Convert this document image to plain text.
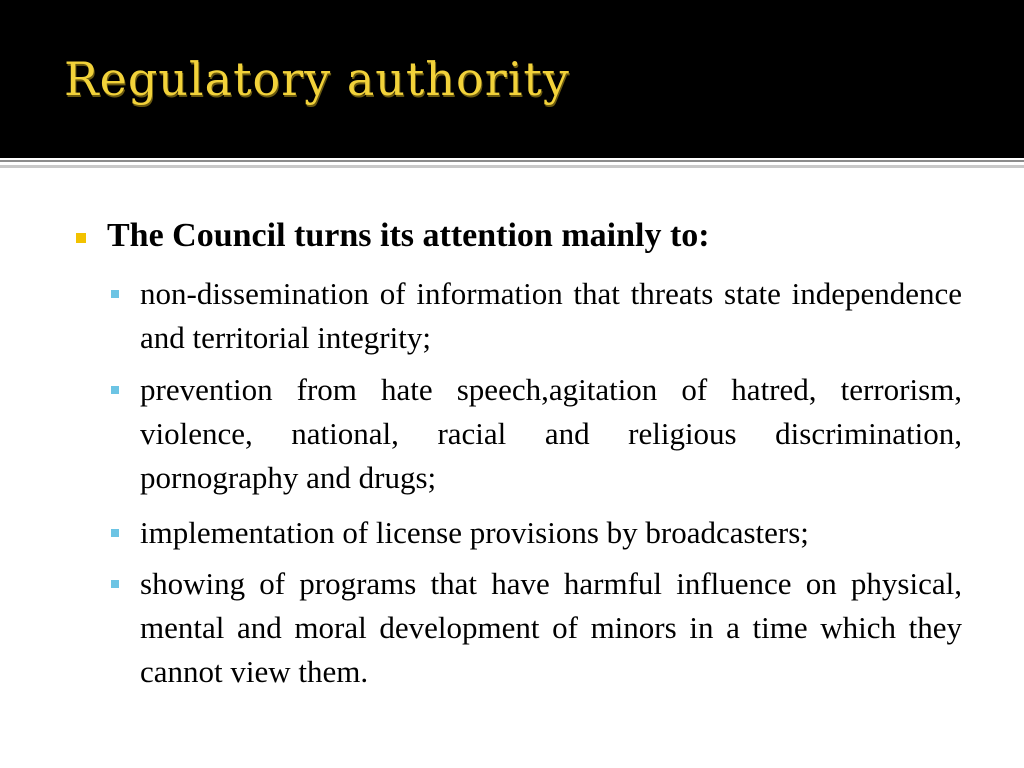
Regulatory authority

The Council turns its attention mainly to:

non-dissemination of information that threats state independence and territorial integrity;

prevention from hate speech,agitation of hatred, terrorism, violence, national, racial and religious discrimination, pornography and drugs;

implementation of license provisions by broadcasters;

showing of programs that have harmful influence on physical, mental and moral development of minors in a time which they cannot view them.
